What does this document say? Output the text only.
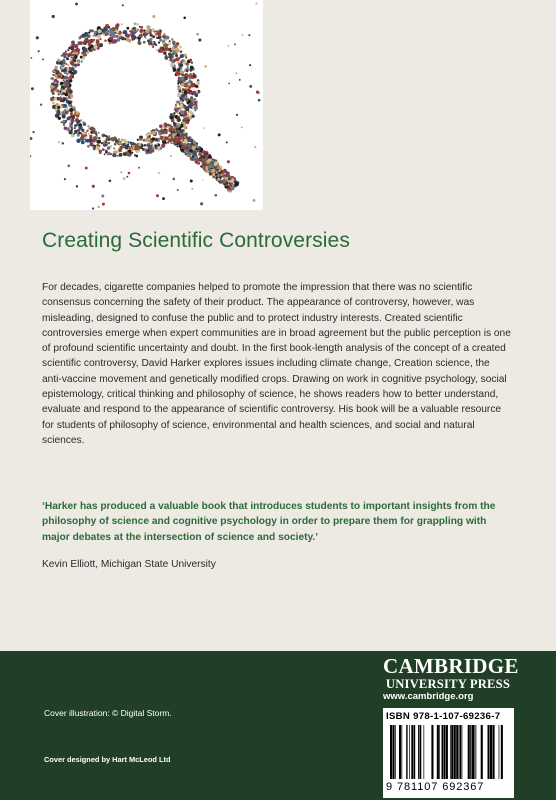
Creating Scientific Controversies

For decades, cigarette companies helped to promote the impression that there was no scientific consensus concerning the safety of their product. The appearance of controversy, however, was misleading, designed to confuse the public and to protect industry interests. Created scientific controversies emerge when expert communities are in broad agreement but the public perception is one of profound scientific uncertainty and doubt. In the first book-length analysis of the concept of a created scientific controversy, David Harker explores issues including climate change, Creation science, the anti-vaccine movement and genetically modified crops. Drawing on work in cognitive psychology, social epistemology, critical thinking and philosophy of science, he shows readers how to better understand, evaluate and respond to the appearance of scientific controversy. His book will be a valuable resource for students of philosophy of science, environmental and health sciences, and social and natural sciences.

‘Harker has produced a valuable book that introduces students to important insights from the philosophy of science and cognitive psychology in order to prepare them for grappling with major debates at the intersection of science and society.’

Kevin Elliott, Michigan State University

CAMBRIDGE
UNIVERSITY PRESS
www.cambridge.org
Cover illustration: © Digital Storm.
Cover designed by Hart McLeod Ltd
ISBN 978-1-107-69236-7
9 781107 692367
